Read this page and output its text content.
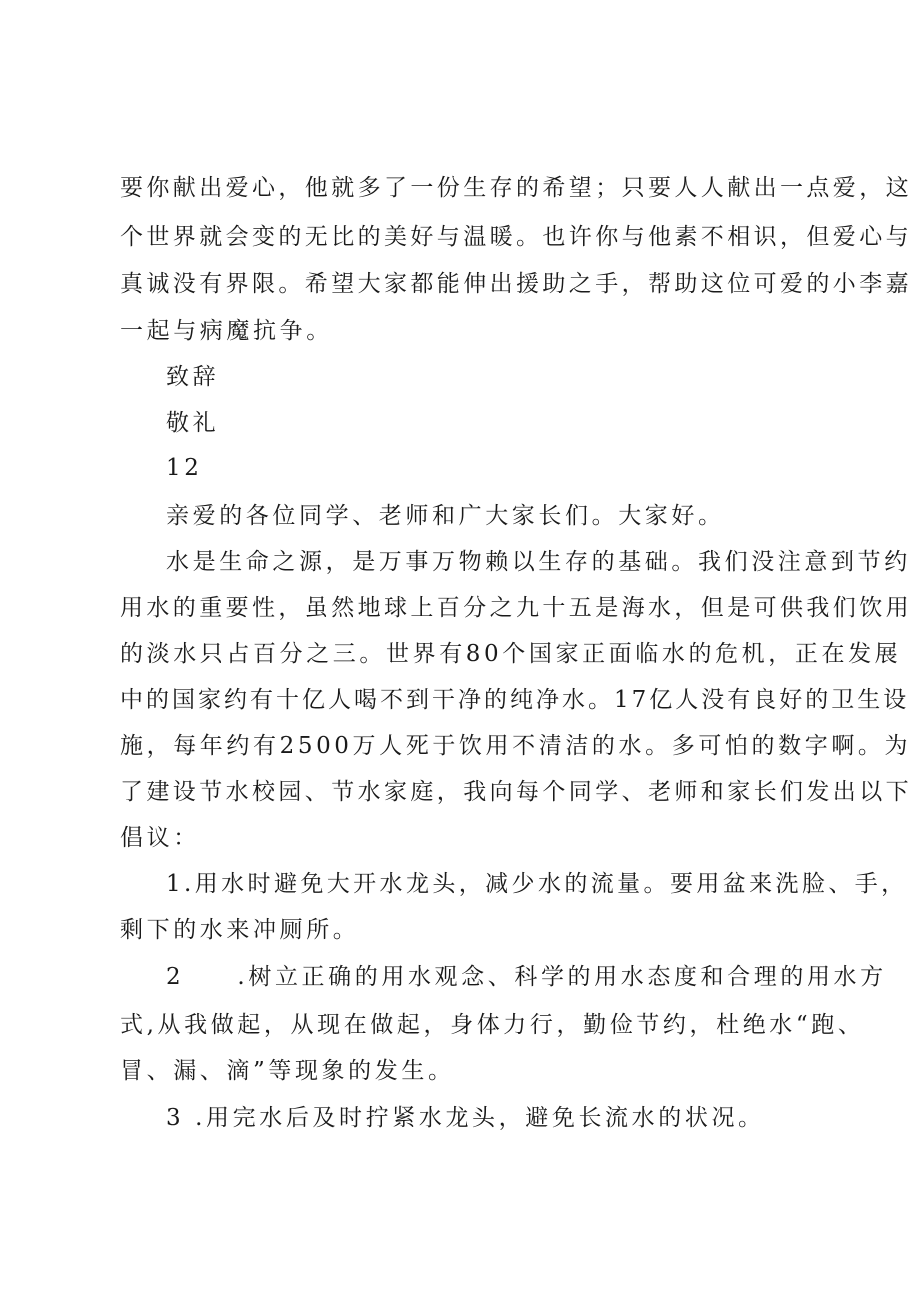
要你献出爱心，他就多了一份生存的希望；只要人人献出一点爱，这
个世界就会变的无比的美好与温暖。也许你与他素不相识，但爱心与
真诚没有界限。希望大家都能伸出援助之手，帮助这位可爱的小李嘉
一起与病魔抗争。
致辞
敬礼
12
亲爱的各位同学、老师和广大家长们。大家好。
水是生命之源，是万事万物赖以生存的基础。我们没注意到节约
用水的重要性，虽然地球上百分之九十五是海水，但是可供我们饮用
的淡水只占百分之三。世界有80个国家正面临水的危机，正在发展
中的国家约有十亿人喝不到干净的纯净水。17亿人没有良好的卫生设
施，每年约有2500万人死于饮用不清洁的水。多可怕的数字啊。为
了建设节水校园、节水家庭，我向每个同学、老师和家长们发出以下
倡议：
1.用水时避免大开水龙头，减少水的流量。要用盆来洗脸、手，
剩下的水来冲厕所。
2　　.树立正确的用水观念、科学的用水态度和合理的用水方
式,从我做起，从现在做起，身体力行，勤俭节约，杜绝水“跑、
冒、漏、滴”等现象的发生。
3 .用完水后及时拧紧水龙头，避免长流水的状况。
